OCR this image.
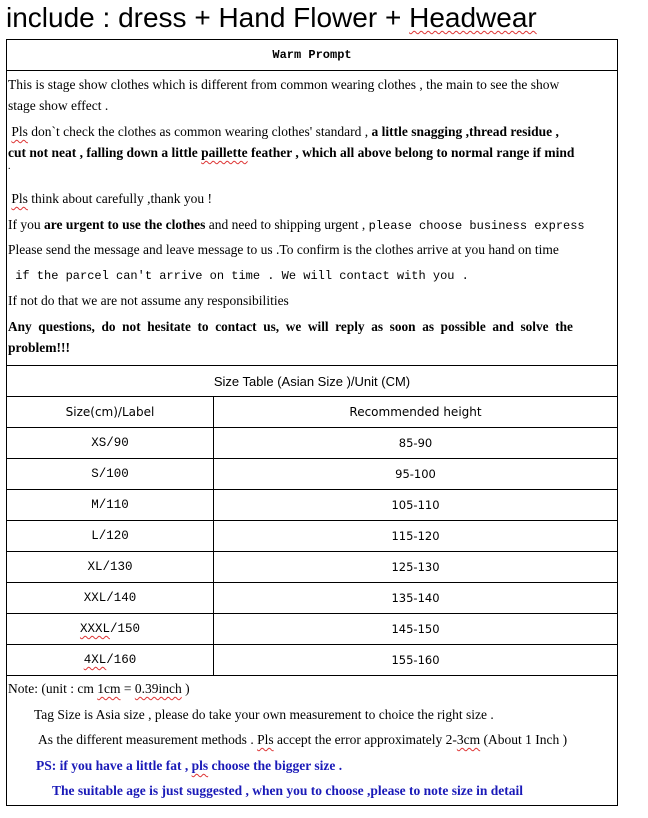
include : dress + Hand Flower + Headwear
Warm Prompt
This is stage show clothes which is different from common wearing clothes , the main to see the show
stage show effect .
Pls don`t check the clothes as common wearing clothes' standard , a little snagging ,thread residue ,
cut not neat , falling down a little paillette feather , which all above belong to normal range if mind
.
Pls think about carefully ,thank you !
If you are urgent to use the clothes and need to shipping urgent , please choose business express
Please send the message and leave message to us .To confirm is the clothes arrive at you hand on time
if the parcel can't arrive on time . We will contact with you .
If not do that we are not assume any responsibilities
Any  questions,  do  not  hesitate  to  contact  us,  we  will  reply  as  soon  as  possible  and  solve  the
problem!!!
Size Table (Asian Size )/Unit (CM)
Size(cm)/Label	Recommended height
XS/90	85-90
S/100	95-100
M/110	105-110
L/120	115-120
XL/130	125-130
XXL/140	135-140
XXXL/150	145-150
4XL/160	155-160
Note: (unit : cm 1cm = 0.39inch )
Tag Size is Asia size , please do take your own measurement to choice the right size .
As the different measurement methods . Pls accept the error approximately 2-3cm (About 1 Inch )
PS: if you have a little fat , pls choose the bigger size .
The suitable age is just suggested , when you to choose ,please to note size in detail
